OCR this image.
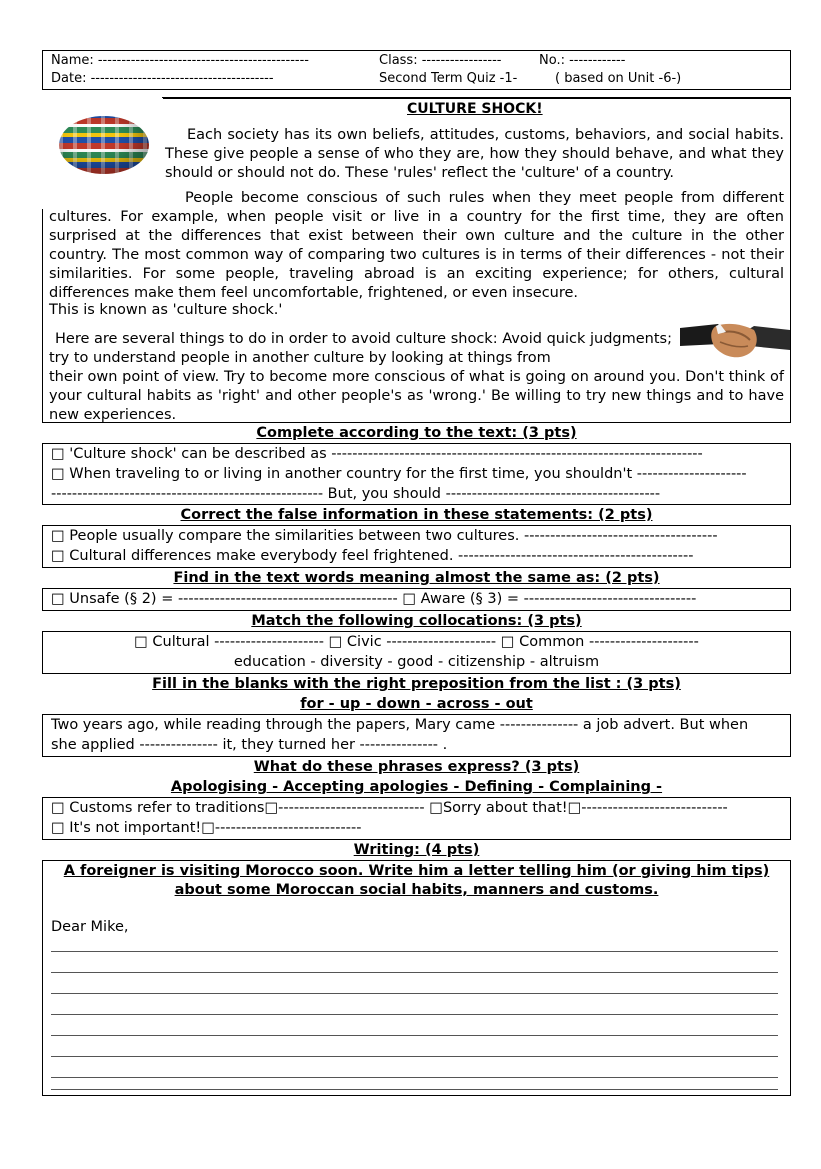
Name: ---------------------------------------------	Class: -----------------	No.: ------------
Date: ---------------------------------------	Second Term Quiz -1-	( based on Unit -6-)
CULTURE SHOCK!

Each society has its own beliefs, attitudes, customs, behaviors, and social habits. These give people a sense of who they are, how they should behave, and what they should or should not do. These 'rules' reflect the 'culture' of a country.

People become conscious of such rules when they meet people from different cultures. For example, when people visit or live in a country for the first time, they are often surprised at the differences that exist between their own culture and the culture in the other country. The most common way of comparing two cultures is in terms of their differences - not their similarities. For some people, traveling abroad is an exciting experience; for others, cultural differences make them feel uncomfortable, frightened, or even insecure.

This is known as 'culture shock.'

Here are several things to do in order to avoid culture shock: Avoid quick judgments; try to understand people in another culture by looking at things from

their own point of view. Try to become more conscious of what is going on around you. Don't think of your cultural habits as 'right' and other people's as 'wrong.' Be willing to try new things and to have new experiences.

Complete according to the text: (3 pts)
□ 'Culture shock' can be described as -----------------------------------------------------------------------
□ When traveling to or living in another country for the first time, you shouldn't ---------------------
---------------------------------------------------- But, you should -----------------------------------------
Correct the false information in these statements: (2 pts)
□ People usually compare the similarities between two cultures. -------------------------------------
□ Cultural differences make everybody feel frightened. ---------------------------------------------
Find in the text words meaning almost the same as: (2 pts)
□ Unsafe (§ 2) = ------------------------------------------ □ Aware (§ 3) = ---------------------------------
Match the following collocations: (3 pts)
□ Cultural --------------------- □ Civic --------------------- □ Common ---------------------
education - diversity - good - citizenship - altruism
Fill in the blanks with the right preposition from the list : (3 pts)
for - up - down - across - out
Two years ago, while reading through the papers, Mary came --------------- a job advert. But when
she applied --------------- it, they turned her --------------- .
What do these phrases express? (3 pts)
Apologising - Accepting apologies - Defining - Complaining -
□ Customs refer to traditions□---------------------------- □Sorry about that!□----------------------------
□ It's not important!□----------------------------
Writing: (4 pts)
A foreigner is visiting Morocco soon. Write him a letter telling him (or giving him tips) about some Moroccan social habits, manners and customs.
Dear Mike,
